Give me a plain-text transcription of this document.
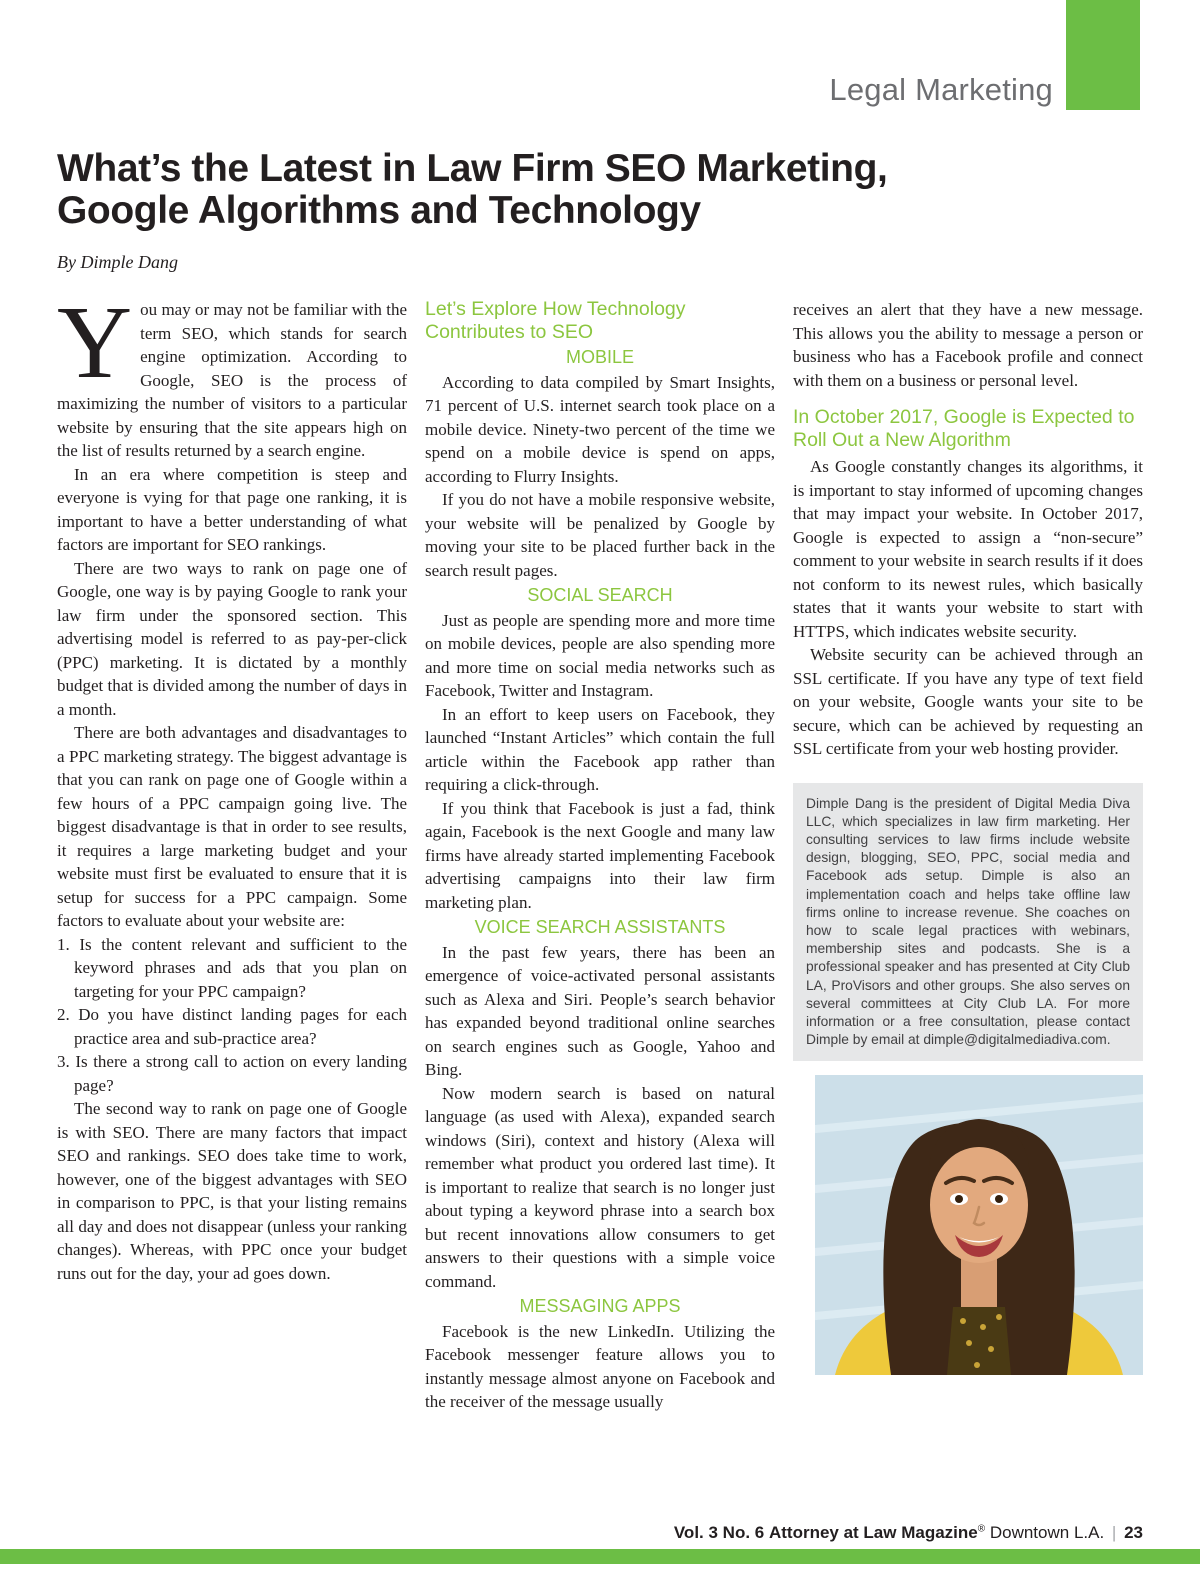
Legal Marketing
What’s the Latest in Law Firm SEO Marketing, Google Algorithms and Technology
By Dimple Dang

You may or may not be familiar with the term SEO, which stands for search engine optimization. According to Google, SEO is the process of maximizing the number of visitors to a particular website by ensuring that the site appears high on the list of results returned by a search engine.

In an era where competition is steep and everyone is vying for that page one ranking, it is important to have a better understanding of what factors are important for SEO rankings.

There are two ways to rank on page one of Google, one way is by paying Google to rank your law firm under the sponsored section. This advertising model is referred to as pay-per-click (PPC) marketing. It is dictated by a monthly budget that is divided among the number of days in a month.

There are both advantages and disadvantages to a PPC marketing strategy. The biggest advantage is that you can rank on page one of Google within a few hours of a PPC campaign going live. The biggest disadvantage is that in order to see results, it requires a large marketing budget and your website must first be evaluated to ensure that it is setup for success for a PPC campaign. Some factors to evaluate about your website are:

1. Is the content relevant and sufficient to the keyword phrases and ads that you plan on targeting for your PPC campaign?

2. Do you have distinct landing pages for each practice area and sub-practice area?

3. Is there a strong call to action on every landing page?

The second way to rank on page one of Google is with SEO. There are many factors that impact SEO and rankings. SEO does take time to work, however, one of the biggest advantages with SEO in comparison to PPC, is that your listing remains all day and does not disappear (unless your ranking changes). Whereas, with PPC once your budget runs out for the day, your ad goes down.

Let’s Explore How Technology Contributes to SEO
MOBILE

According to data compiled by Smart Insights, 71 percent of U.S. internet search took place on a mobile device. Ninety-two percent of the time we spend on a mobile device is spend on apps, according to Flurry Insights.

If you do not have a mobile responsive website, your website will be penalized by Google by moving your site to be placed further back in the search result pages.

SOCIAL SEARCH

Just as people are spending more and more time on mobile devices, people are also spending more and more time on social media networks such as Facebook, Twitter and Instagram.

In an effort to keep users on Facebook, they launched “Instant Articles” which contain the full article within the Facebook app rather than requiring a click-through.

If you think that Facebook is just a fad, think again, Facebook is the next Google and many law firms have already started implementing Facebook advertising campaigns into their law firm marketing plan.

VOICE SEARCH ASSISTANTS

In the past few years, there has been an emergence of voice-activated personal assistants such as Alexa and Siri. People’s search behavior has expanded beyond traditional online searches on search engines such as Google, Yahoo and Bing.

Now modern search is based on natural language (as used with Alexa), expanded search windows (Siri), context and history (Alexa will remember what product you ordered last time). It is important to realize that search is no longer just about typing a keyword phrase into a search box but recent innovations allow consumers to get answers to their questions with a simple voice command.

MESSAGING APPS

Facebook is the new LinkedIn. Utilizing the Facebook messenger feature allows you to instantly message almost anyone on Facebook and the receiver of the message usually

receives an alert that they have a new message. This allows you the ability to message a person or business who has a Facebook profile and connect with them on a business or personal level.

In October 2017, Google is Expected to Roll Out a New Algorithm

As Google constantly changes its algorithms, it is important to stay informed of upcoming changes that may impact your website. In October 2017, Google is expected to assign a “non-secure” comment to your website in search results if it does not conform to its newest rules, which basically states that it wants your website to start with HTTPS, which indicates website security.

Website security can be achieved through an SSL certificate. If you have any type of text field on your website, Google wants your site to be secure, which can be achieved by requesting an SSL certificate from your web hosting provider.

Dimple Dang is the president of Digital Media Diva LLC, which specializes in law firm marketing. Her consulting services to law firms include website design, blogging, SEO, PPC, social media and Facebook ads setup. Dimple is also an implementation coach and helps take offline law firms online to increase revenue. She coaches on how to scale legal practices with webinars, membership sites and podcasts. She is a professional speaker and has presented at City Club LA, ProVisors and other groups. She also serves on several committees at City Club LA. For more information or a free consultation, please contact Dimple by email at dimple@digitalmediadiva.com.

Vol. 3 No. 6 Attorney at Law Magazine® Downtown L.A. | 23
